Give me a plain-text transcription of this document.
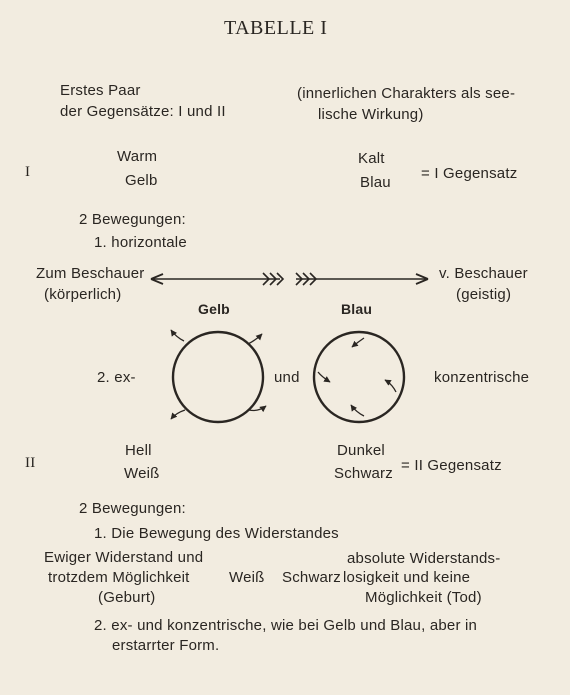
TABELLE I
Erstes Paar
der Gegensätze: I und II
(innerlichen Charakters als see-
lische Wirkung)
I
Warm
Gelb
Kalt
Blau
= I Gegensatz
2 Bewegungen:
1. horizontale
Zum Beschauer
(körperlich)
v. Beschauer
(geistig)
Gelb	Blau
2. ex-	und	konzentrische
II
Hell
Weiß
Dunkel
Schwarz = II Gegensatz
2 Bewegungen:
1. Die Bewegung des Widerstandes
Ewiger Widerstand und
trotzdem Möglichkeit
(Geburt)
Weiß Schwarz
absolute Widerstands-
losigkeit und keine
Möglichkeit (Tod)
2. ex- und konzentrische, wie bei Gelb und Blau, aber in
erstarrter Form.
